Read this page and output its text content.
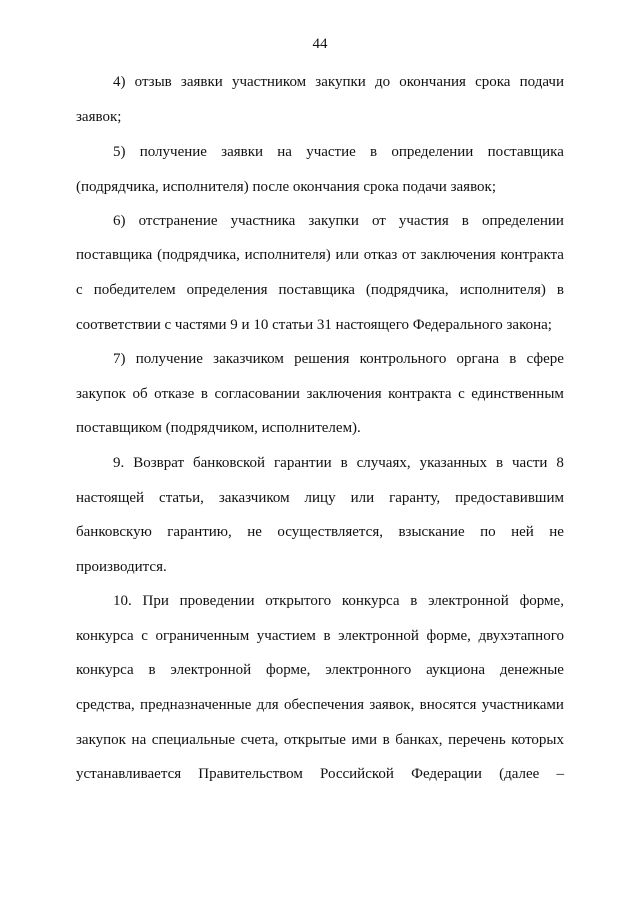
44
4) отзыв заявки участником закупки до окончания срока подачи
заявок;
5) получение заявки на участие в определении поставщика
(подрядчика, исполнителя) после окончания срока подачи заявок;
6) отстранение участника закупки от участия в определении
поставщика (подрядчика, исполнителя) или отказ от заключения контракта
с победителем определения поставщика (подрядчика, исполнителя) в
соответствии с частями 9 и 10 статьи 31 настоящего Федерального закона;
7) получение заказчиком решения контрольного органа в сфере
закупок об отказе в согласовании заключения контракта с единственным
поставщиком (подрядчиком, исполнителем).
9. Возврат банковской гарантии в случаях, указанных в части 8
настоящей статьи, заказчиком лицу или гаранту, предоставившим
банковскую гарантию, не осуществляется, взыскание по ней не
производится.
10. При проведении открытого конкурса в электронной форме,
конкурса с ограниченным участием в электронной форме, двухэтапного
конкурса в электронной форме, электронного аукциона денежные
средства, предназначенные для обеспечения заявок, вносятся участниками
закупок на специальные счета, открытые ими в банках, перечень которых
устанавливается Правительством Российской Федерации (далее –
